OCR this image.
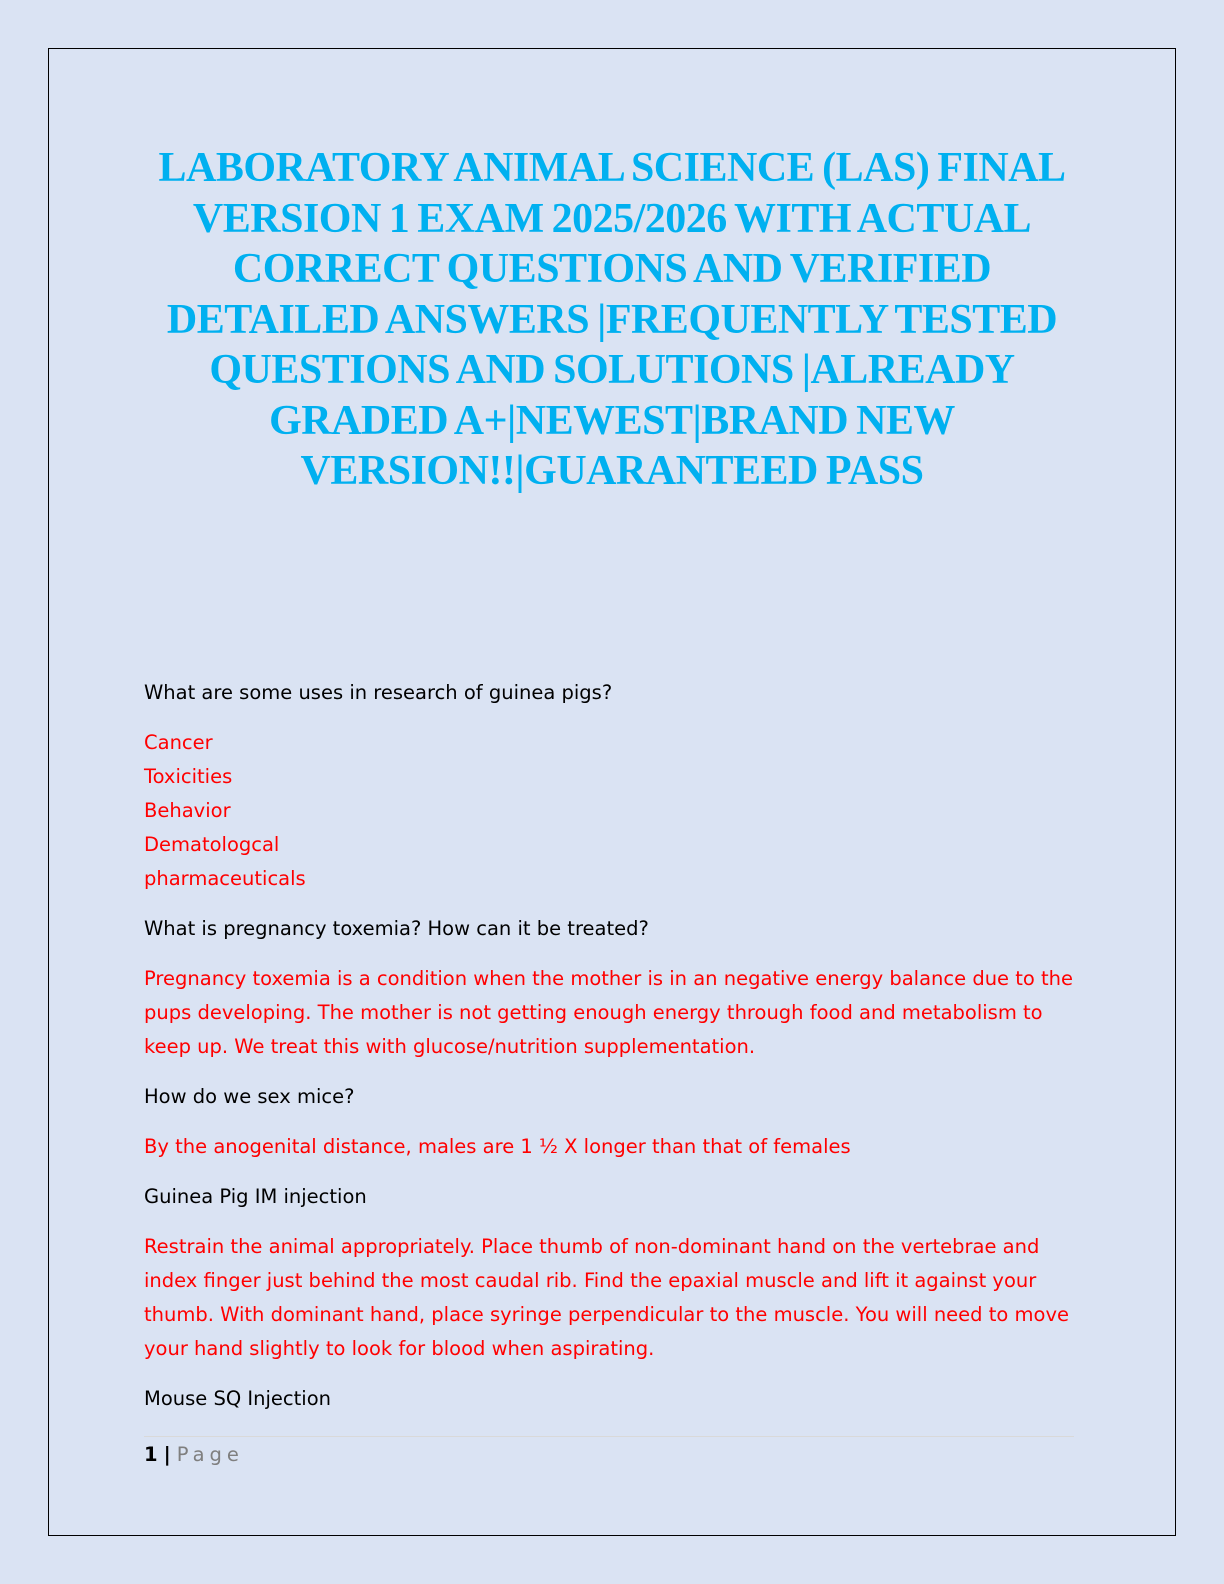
LABORATORY ANIMAL SCIENCE (LAS) FINAL VERSION 1 EXAM 2025/2026 WITH ACTUAL CORRECT QUESTIONS AND VERIFIED DETAILED ANSWERS |FREQUENTLY TESTED QUESTIONS AND SOLUTIONS |ALREADY GRADED A+|NEWEST|BRAND NEW VERSION!!|GUARANTEED PASS

What are some uses in research of guinea pigs?

Cancer
Toxicities
Behavior
Dematologcal
pharmaceuticals

What is pregnancy toxemia? How can it be treated?

Pregnancy toxemia is a condition when the mother is in an negative energy balance due to the pups developing. The mother is not getting enough energy through food and metabolism to keep up. We treat this with glucose/nutrition supplementation.

How do we sex mice?

By the anogenital distance, males are 1 ½ X longer than that of females

Guinea Pig IM injection

Restrain the animal appropriately. Place thumb of non-dominant hand on the vertebrae and index finger just behind the most caudal rib. Find the epaxial muscle and lift it against your thumb. With dominant hand, place syringe perpendicular to the muscle. You will need to move your hand slightly to look for blood when aspirating.

Mouse SQ Injection

1 | Page
